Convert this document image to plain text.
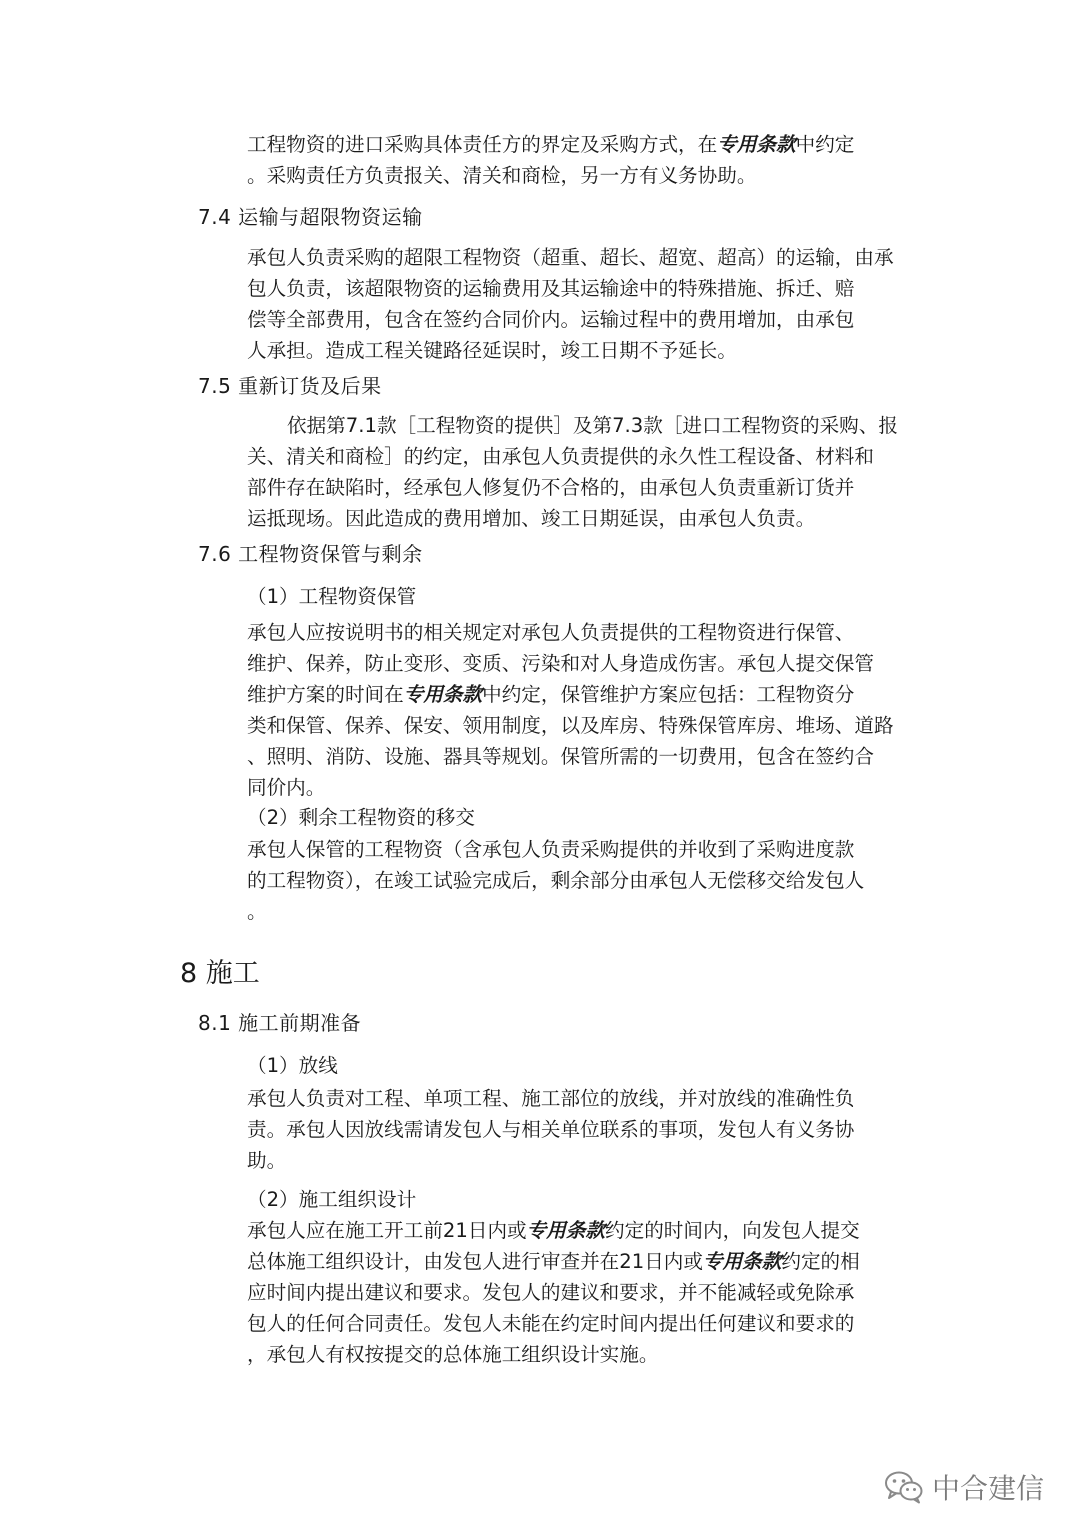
工程物资的进口采购具体责任方的界定及采购方式，在专用条款中约定
。采购责任方负责报关、清关和商检，另一方有义务协助。
7.4 运输与超限物资运输
承包人负责采购的超限工程物资（超重、超长、超宽、超高）的运输，由承
包人负责，该超限物资的运输费用及其运输途中的特殊措施、拆迁、赔
偿等全部费用，包含在签约合同价内。运输过程中的费用增加，由承包
人承担。造成工程关键路径延误时，竣工日期不予延长。
7.5 重新订货及后果
依据第7.1款［工程物资的提供］及第7.3款［进口工程物资的采购、报
关、清关和商检］的约定，由承包人负责提供的永久性工程设备、材料和
部件存在缺陷时，经承包人修复仍不合格的，由承包人负责重新订货并
运抵现场。因此造成的费用增加、竣工日期延误，由承包人负责。
7.6 工程物资保管与剩余
（1）工程物资保管
承包人应按说明书的相关规定对承包人负责提供的工程物资进行保管、
维护、保养，防止变形、变质、污染和对人身造成伤害。承包人提交保管
维护方案的时间在专用条款中约定，保管维护方案应包括：工程物资分
类和保管、保养、保安、领用制度，以及库房、特殊保管库房、堆场、道路
、照明、消防、设施、器具等规划。保管所需的一切费用，包含在签约合
同价内。
（2）剩余工程物资的移交
承包人保管的工程物资（含承包人负责采购提供的并收到了采购进度款
的工程物资），在竣工试验完成后，剩余部分由承包人无偿移交给发包人
。
8 施工
8.1 施工前期准备
（1）放线
承包人负责对工程、单项工程、施工部位的放线，并对放线的准确性负
责。承包人因放线需请发包人与相关单位联系的事项，发包人有义务协
助。
（2）施工组织设计
承包人应在施工开工前21日内或专用条款约定的时间内，向发包人提交
总体施工组织设计，由发包人进行审查并在21日内或专用条款约定的相
应时间内提出建议和要求。发包人的建议和要求，并不能减轻或免除承
包人的任何合同责任。发包人未能在约定时间内提出任何建议和要求的
，承包人有权按提交的总体施工组织设计实施。
中合建信
